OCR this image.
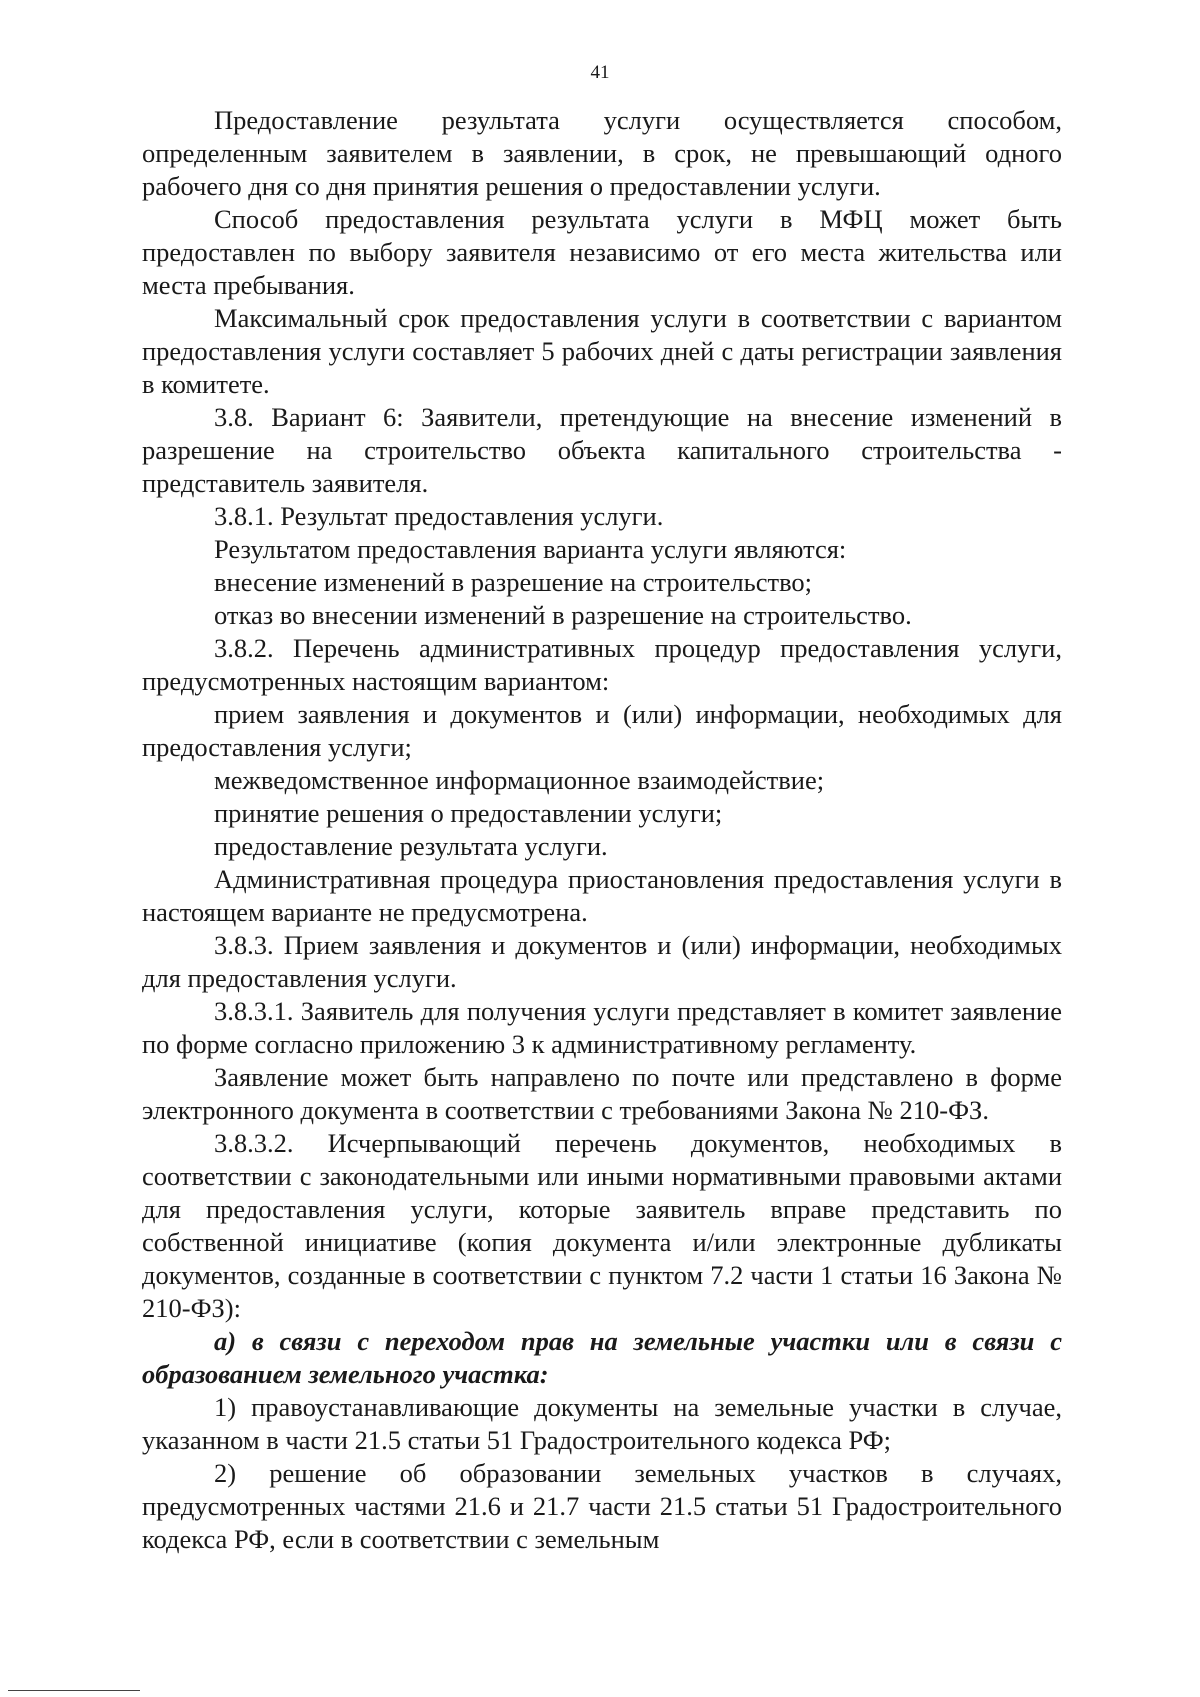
41

Предоставление результата услуги осуществляется способом, определенным заявителем в заявлении, в срок, не превышающий одного рабочего дня со дня принятия решения о предоставлении услуги.

Способ предоставления результата услуги в МФЦ может быть предоставлен по выбору заявителя независимо от его места жительства или места пребывания.

Максимальный срок предоставления услуги в соответствии с вариантом предоставления услуги составляет 5 рабочих дней с даты регистрации заявления в комитете.

3.8. Вариант 6: Заявители, претендующие на внесение изменений в разрешение на строительство объекта капитального строительства - представитель заявителя.

3.8.1. Результат предоставления услуги.

Результатом предоставления варианта услуги являются:

внесение изменений в разрешение на строительство;

отказ во внесении изменений в разрешение на строительство.

3.8.2. Перечень административных процедур предоставления услуги, предусмотренных настоящим вариантом:

прием заявления и документов и (или) информации, необходимых для предоставления услуги;

межведомственное информационное взаимодействие;

принятие решения о предоставлении услуги;

предоставление результата услуги.

Административная процедура приостановления предоставления услуги в настоящем варианте не предусмотрена.

3.8.3. Прием заявления и документов и (или) информации, необходимых для предоставления услуги.

3.8.3.1. Заявитель для получения услуги представляет в комитет заявление по форме согласно приложению 3 к административному регламенту.

Заявление может быть направлено по почте или представлено в форме электронного документа в соответствии с требованиями Закона № 210-ФЗ.

3.8.3.2. Исчерпывающий перечень документов, необходимых в соответствии с законодательными или иными нормативными правовыми актами для предоставления услуги, которые заявитель вправе представить по собственной инициативе (копия документа и/или электронные дубликаты документов, созданные в соответствии с пунктом 7.2 части 1 статьи 16 Закона № 210-ФЗ):

а) в связи с переходом прав на земельные участки или в связи с образованием земельного участка:

1) правоустанавливающие документы на земельные участки в случае, указанном в части 21.5 статьи 51 Градостроительного кодекса РФ;

2) решение об образовании земельных участков в случаях, предусмотренных частями 21.6 и 21.7 части 21.5 статьи 51 Градостроительного кодекса РФ, если в соответствии с земельным
